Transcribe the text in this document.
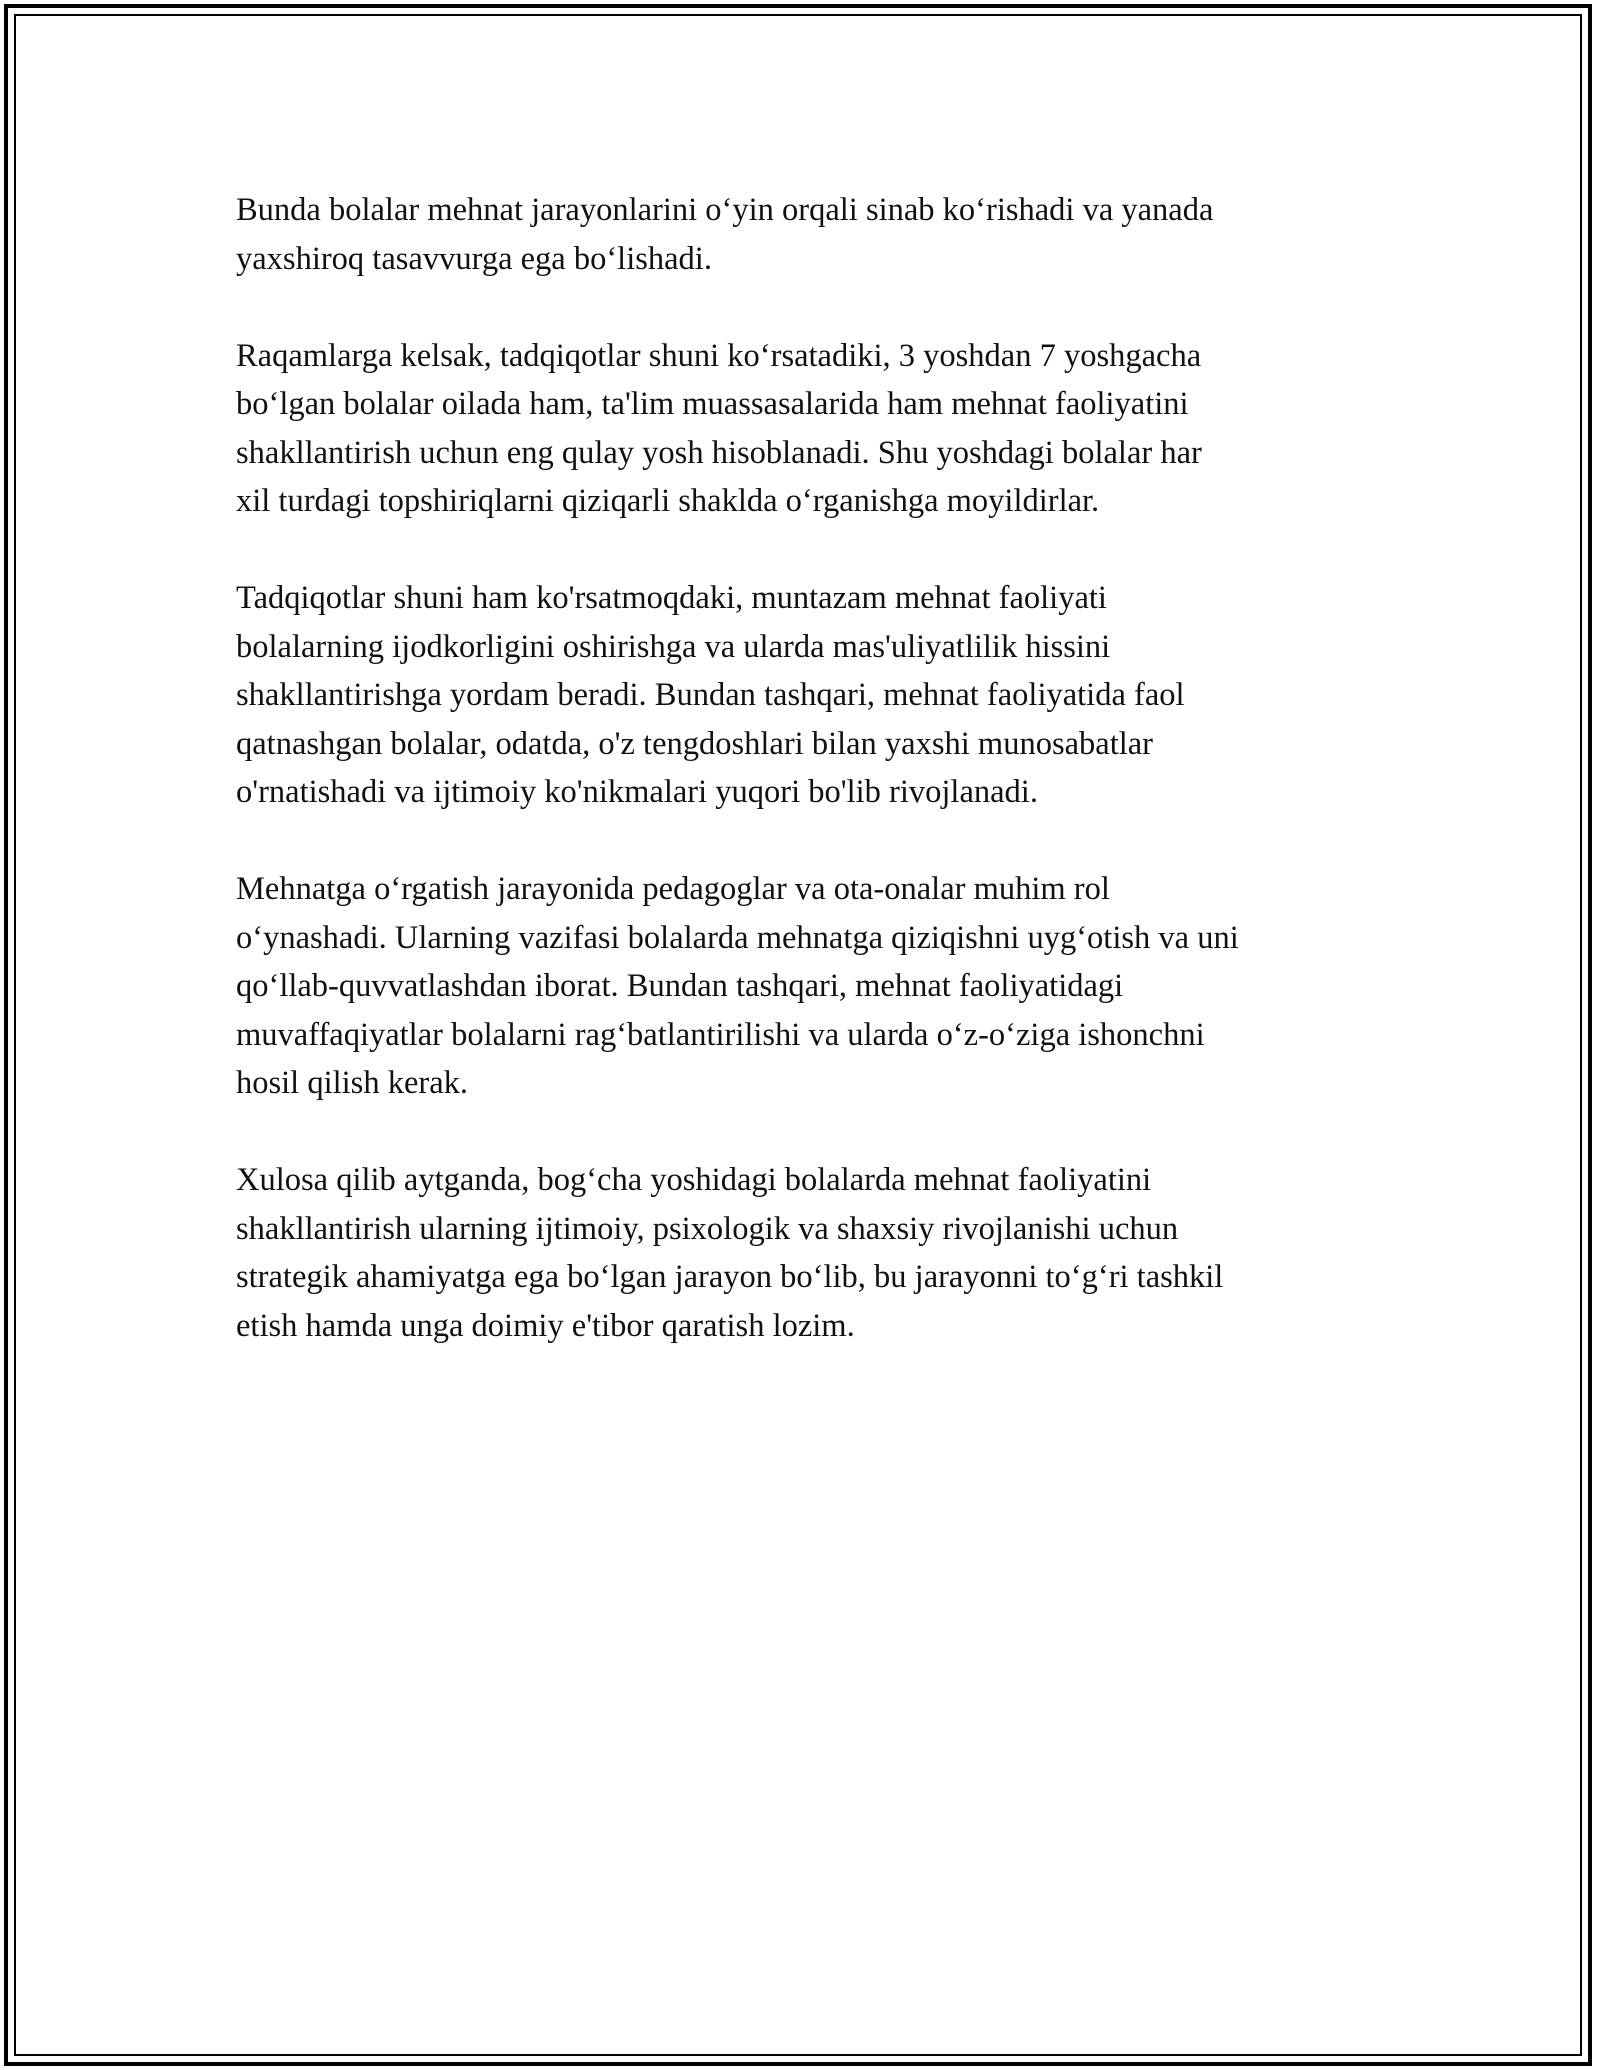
Bunda bolalar mehnat jarayonlarini o‘yin orqali sinab ko‘rishadi va yanada
yaxshiroq tasavvurga ega bo‘lishadi.

Raqamlarga kelsak, tadqiqotlar shuni ko‘rsatadiki, 3 yoshdan 7 yoshgacha
bo‘lgan bolalar oilada ham, ta'lim muassasalarida ham mehnat faoliyatini
shakllantirish uchun eng qulay yosh hisoblanadi. Shu yoshdagi bolalar har
xil turdagi topshiriqlarni qiziqarli shaklda o‘rganishga moyildirlar.

Tadqiqotlar shuni ham ko'rsatmoqdaki, muntazam mehnat faoliyati
bolalarning ijodkorligini oshirishga va ularda mas'uliyatlilik hissini
shakllantirishga yordam beradi. Bundan tashqari, mehnat faoliyatida faol
qatnashgan bolalar, odatda, o'z tengdoshlari bilan yaxshi munosabatlar
o'rnatishadi va ijtimoiy ko'nikmalari yuqori bo'lib rivojlanadi.

Mehnatga o‘rgatish jarayonida pedagoglar va ota-onalar muhim rol
o‘ynashadi. Ularning vazifasi bolalarda mehnatga qiziqishni uyg‘otish va uni
qo‘llab-quvvatlashdan iborat. Bundan tashqari, mehnat faoliyatidagi
muvaffaqiyatlar bolalarni rag‘batlantirilishi va ularda o‘z-o‘ziga ishonchni
hosil qilish kerak.

Xulosa qilib aytganda, bog‘cha yoshidagi bolalarda mehnat faoliyatini
shakllantirish ularning ijtimoiy, psixologik va shaxsiy rivojlanishi uchun
strategik ahamiyatga ega bo‘lgan jarayon bo‘lib, bu jarayonni to‘g‘ri tashkil
etish hamda unga doimiy e'tibor qaratish lozim.
